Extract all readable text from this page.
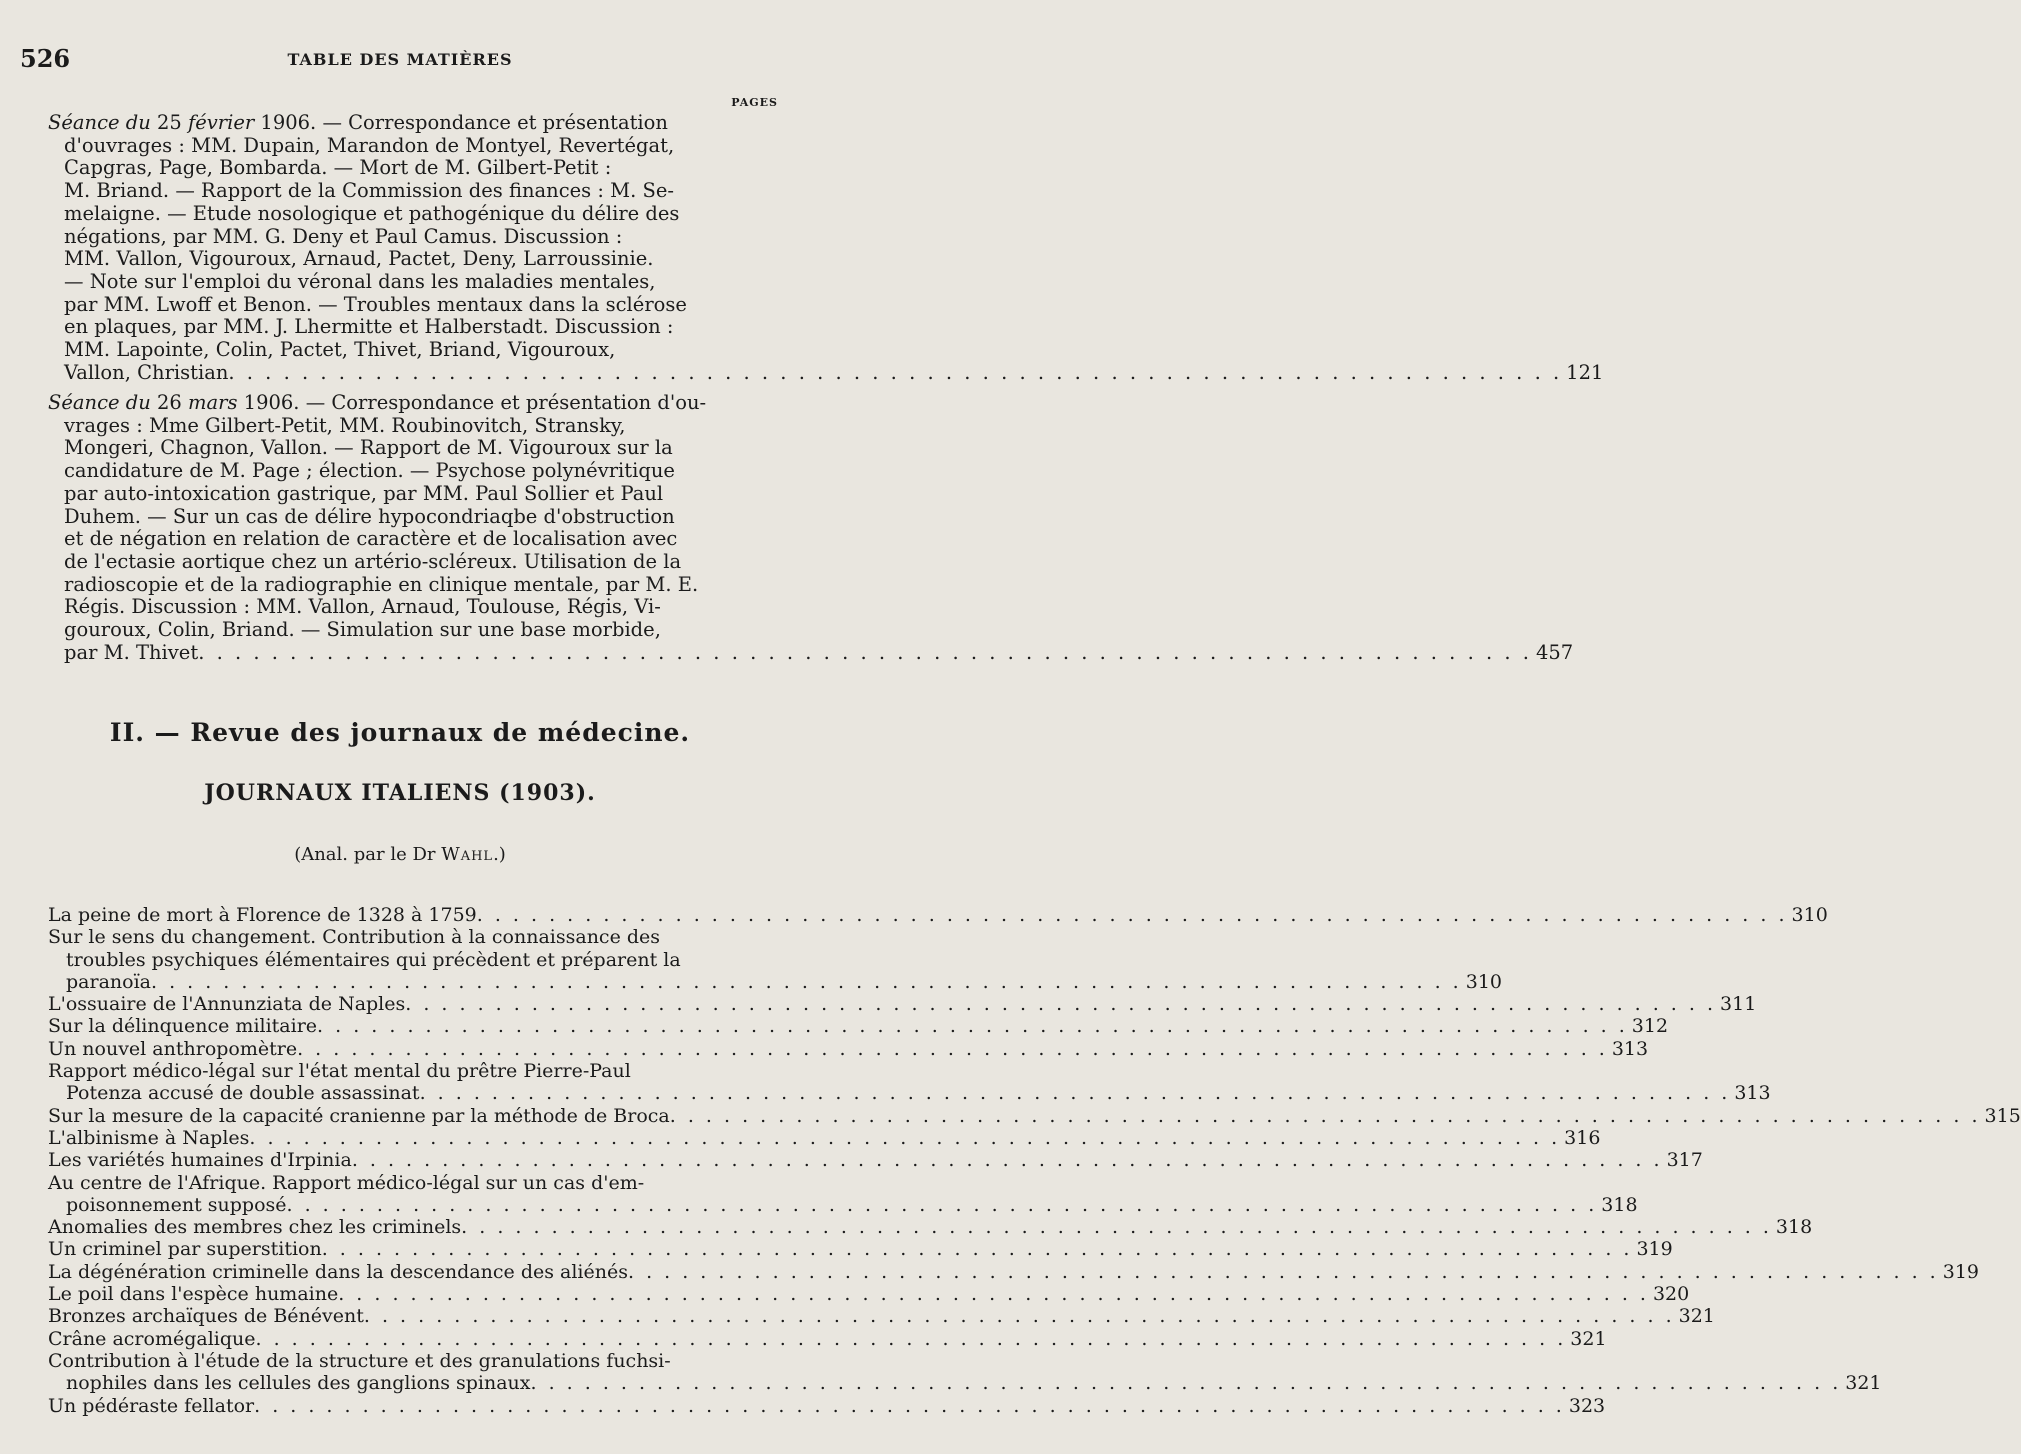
526	TABLE DES MATIÈRES
PAGES
Séance du 25 février 1906. — Correspondance et présentation
d'ouvrages : MM. Dupain, Marandon de Montyel, Revertégat,
Capgras, Page, Bombarda. — Mort de M. Gilbert-Petit :
M. Briand. — Rapport de la Commission des finances : M. Se-
melaigne. — Etude nosologique et pathogénique du délire des
négations, par MM. G. Deny et Paul Camus. Discussion :
MM. Vallon, Vigouroux, Arnaud, Pactet, Deny, Larroussinie.
— Note sur l'emploi du véronal dans les maladies mentales,
par MM. Lwoff et Benon. — Troubles mentaux dans la sclérose
en plaques, par MM. J. Lhermitte et Halberstadt. Discussion :
MM. Lapointe, Colin, Pactet, Thivet, Briand, Vigouroux,
Vallon, Christian . . . . . . . . . . . . . . . . . . . . . . . . . . . . . . . . . . . . . . . . . . . . . . . . . . . . . . . . . . . . . . . . . . . . . . . . . 121
Séance du 26 mars 1906. — Correspondance et présentation d'ou-
vrages : Mme Gilbert-Petit, MM. Roubinovitch, Stransky,
Mongeri, Chagnon, Vallon. — Rapport de M. Vigouroux sur la
candidature de M. Page ; élection. — Psychose polynévritique
par auto-intoxication gastrique, par MM. Paul Sollier et Paul
Duhem. — Sur un cas de délire hypocondriaqbe d'obstruction
et de négation en relation de caractère et de localisation avec
de l'ectasie aortique chez un artério-scléreux. Utilisation de la
radioscopie et de la radiographie en clinique mentale, par M. E.
Régis. Discussion : MM. Vallon, Arnaud, Toulouse, Régis, Vi-
gouroux, Colin, Briand. — Simulation sur une base morbide,
par M. Thivet . . . . . . . . . . . . . . . . . . . . . . . . . . . . . . . . . . . . . . . . . . . . . . . . . . . . . . . . . . . . . . . . . . . . . . . . . 457
II. — Revue des journaux de médecine.
JOURNAUX ITALIENS (1903).
(Anal. par le Dr Wahl.)
La peine de mort à Florence de 1328 à 1759 . . . . . . . . . . . . . . . . . . . . . . . . . . . . . . . . . . . . . . . . . . . . . . . . . . . . . . . . . . . . . . . . . . . . . . . . . 310
Sur le sens du changement. Contribution à la connaissance des
troubles psychiques élémentaires qui précèdent et préparent la
paranoïa . . . . . . . . . . . . . . . . . . . . . . . . . . . . . . . . . . . . . . . . . . . . . . . . . . . . . . . . . . . . . . . . . . . . . . . . . 310
L'ossuaire de l'Annunziata de Naples . . . . . . . . . . . . . . . . . . . . . . . . . . . . . . . . . . . . . . . . . . . . . . . . . . . . . . . . . . . . . . . . . . . . . . . . . 311
Sur la délinquence militaire . . . . . . . . . . . . . . . . . . . . . . . . . . . . . . . . . . . . . . . . . . . . . . . . . . . . . . . . . . . . . . . . . . . . . . . . . 312
Un nouvel anthropomètre . . . . . . . . . . . . . . . . . . . . . . . . . . . . . . . . . . . . . . . . . . . . . . . . . . . . . . . . . . . . . . . . . . . . . . . . . 313
Rapport médico-légal sur l'état mental du prêtre Pierre-Paul
Potenza accusé de double assassinat . . . . . . . . . . . . . . . . . . . . . . . . . . . . . . . . . . . . . . . . . . . . . . . . . . . . . . . . . . . . . . . . . . . . . . . . . 313
Sur la mesure de la capacité cranienne par la méthode de Broca . . . . . . . . . . . . . . . . . . . . . . . . . . . . . . . . . . . . . . . . . . . . . . . . . . . . . . . . . . . . . . . . . . . . . . . . . 315
L'albinisme à Naples . . . . . . . . . . . . . . . . . . . . . . . . . . . . . . . . . . . . . . . . . . . . . . . . . . . . . . . . . . . . . . . . . . . . . . . . . 316
Les variétés humaines d'Irpinia . . . . . . . . . . . . . . . . . . . . . . . . . . . . . . . . . . . . . . . . . . . . . . . . . . . . . . . . . . . . . . . . . . . . . . . . . 317
Au centre de l'Afrique. Rapport médico-légal sur un cas d'em-
poisonnement supposé . . . . . . . . . . . . . . . . . . . . . . . . . . . . . . . . . . . . . . . . . . . . . . . . . . . . . . . . . . . . . . . . . . . . . . . . . 318
Anomalies des membres chez les criminels . . . . . . . . . . . . . . . . . . . . . . . . . . . . . . . . . . . . . . . . . . . . . . . . . . . . . . . . . . . . . . . . . . . . . . . . . 318
Un criminel par superstition . . . . . . . . . . . . . . . . . . . . . . . . . . . . . . . . . . . . . . . . . . . . . . . . . . . . . . . . . . . . . . . . . . . . . . . . . 319
La dégénération criminelle dans la descendance des aliénés . . . . . . . . . . . . . . . . . . . . . . . . . . . . . . . . . . . . . . . . . . . . . . . . . . . . . . . . . . . . . . . . . . . . . . . . . 319
Le poil dans l'espèce humaine . . . . . . . . . . . . . . . . . . . . . . . . . . . . . . . . . . . . . . . . . . . . . . . . . . . . . . . . . . . . . . . . . . . . . . . . . 320
Bronzes archaïques de Bénévent . . . . . . . . . . . . . . . . . . . . . . . . . . . . . . . . . . . . . . . . . . . . . . . . . . . . . . . . . . . . . . . . . . . . . . . . . 321
Crâne acromégalique . . . . . . . . . . . . . . . . . . . . . . . . . . . . . . . . . . . . . . . . . . . . . . . . . . . . . . . . . . . . . . . . . . . . . . . . . 321
Contribution à l'étude de la structure et des granulations fuchsi-
nophiles dans les cellules des ganglions spinaux . . . . . . . . . . . . . . . . . . . . . . . . . . . . . . . . . . . . . . . . . . . . . . . . . . . . . . . . . . . . . . . . . . . . . . . . . 321
Un pédéraste fellator . . . . . . . . . . . . . . . . . . . . . . . . . . . . . . . . . . . . . . . . . . . . . . . . . . . . . . . . . . . . . . . . . . . . . . . . . 323
